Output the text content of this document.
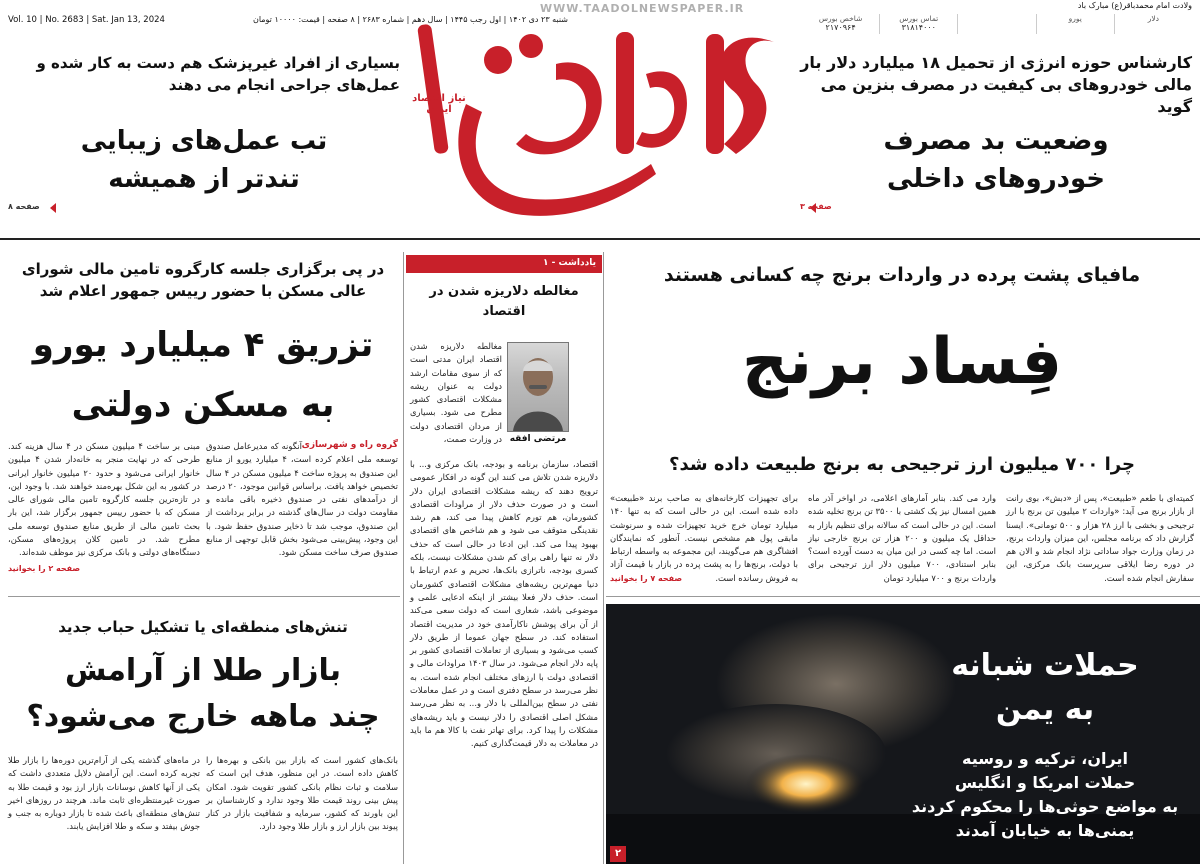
ولادت امام محمدباقر(ع) مبارک باد
WWW.TAADOLNEWSPAPER.IR
Vol. 10 | No. 2683 | Sat. Jan 13, 2024	شنبه ۲۳ دی ۱۴۰۲ | اول رجب ۱۴۴۵ | سال دهم | شماره ۲۶۸۳ | ۸ صفحه | قیمت: ۱۰۰۰۰ تومان	دلار
یورو
تماس بورس
۳۱۸۱۴۰۰۰
شاخص بورس
۲۱۷۰۹۶۴
نیاز اقتصاد ایران
کارشناس حوزه انرژی از تحمیل ۱۸ میلیارد دلار بار مالی خودروهای بی کیفیت در مصرف بنزین می گوید
وضعیت بد مصرف
خودروهای داخلی
صفحه ۳
بسیاری از افراد غیرپزشک هم دست به کار شده و عمل‌های جراحی انجام می دهند
تب عمل‌های زیبایی
تندتر از همیشه
صفحه ۸
مافیای پشت پرده در واردات برنج چه کسانی هستند
فِساد برنج
چرا ۷۰۰ میلیون ارز ترجیحی به برنج طبیعت داده شد؟
کمیته‌ای با طعم «طبیعت»، پس از «دبش»، بوی رانت از بازار برنج می آید: «واردات ۲ میلیون تن برنج با ارز ترجیحی و بخشی با ارز ۲۸ هزار و ۵۰۰ تومانی». ایسنا گزارش داد که برنامه مجلس، این میزان واردات برنج، در زمان وزارت جواد ساداتی نژاد انجام شد و الان هم در دوره رضا ایلاقی سرپرست بانک مرکزی، این سفارش انجام شده است.
وارد می کند. بنابر آمارهای اعلامی، در اواخر آذر ماه همین امسال نیز یک کشتی با ۳۵۰۰ تن برنج تخلیه شده است. این در حالی است که سالانه برای تنظیم بازار به حداقل یک میلیون و ۲۰۰ هزار تن برنج خارجی نیاز است. اما چه کسی در این میان به دست آورده است؟ بنابر استنادی، ۷۰۰ میلیون دلار ارز ترجیحی برای واردات برنج و ۷۰۰ میلیارد تومان
برای تجهیزات کارخانه‌های به صاحب برند «طبیعت» داده شده است. این در حالی است که به تنها ۱۴۰ میلیارد تومان خرج خرید تجهیزات شده و سرنوشت مابقی پول هم مشخص نیست. آنطور که نمایندگان افشاگری هم می‌گویند، این مجموعه به واسطه ارتباط با دولت، برنج‌ها را به پشت پرده در بازار با قیمت آزاد به فروش رسانده است.
صفحه ۷ را بخوانید
یادداشت - ۱
مغالطه دلاریزه شدن در اقتصاد
مغالطه دلاریزه شدن اقتصاد ایران مدتی است که از سوی مقامات ارشد دولت به عنوان ریشه مشکلات اقتصادی کشور مطرح می شود. بسیاری از مردان اقتصادی دولت در وزارت صمت، مرتضی افقه
اقتصاد، سازمان برنامه و بودجه، بانک مرکزی و... با دلاریزه شدن تلاش می کنند این گونه در افکار عمومی ترویج دهند که ریشه مشکلات اقتصادی ایران دلار است و در صورت حذف دلار از مراودات اقتصادی کشورمان، هم تورم کاهش پیدا می کند، هم رشد نقدینگی متوقف می شود و هم شاخص های اقتصادی بهبود پیدا می کند. این ادعا در حالی است که حذف دلار نه تنها راهی برای کم شدن مشکلات نیست، بلکه کسری بودجه، ناترازی بانک‌ها، تحریم و عدم ارتباط با دنیا مهم‌ترین ریشه‌های مشکلات اقتصادی کشورمان است. حذف دلار فعلا بیشتر از اینکه ادعایی علمی و موضوعی باشد، شعاری است که دولت سعی می‌کند از آن برای پوشش ناکارآمدی خود در مدیریت اقتصاد استفاده کند. در سطح جهان عموما از طریق دلار کسب می‌شود و بسیاری از تعاملات اقتصادی کشور بر پایه دلار انجام می‌شود. در سال ۱۴۰۳ مراودات مالی و اقتصادی دولت با ارزهای مختلف انجام شده است. به نظر می‌رسد در سطح دفتری است و در عمل معاملات نفتی در سطح بین‌المللی با دلار و... به نظر می‌رسد مشکل اصلی اقتصادی را دلار نیست و باید ریشه‌های مشکلات را پیدا کرد. برای تهاتر نفت با کالا هم ما باید در معاملات به دلار قیمت‌گذاری کنیم.
در پی برگزاری جلسه کارگروه تامین مالی شورای عالی مسکن با حضور رییس جمهور اعلام شد
تزریق ۴ میلیارد یورو
به مسکن دولتی
گروه راه و شهرسازی
آنگونه که مدیرعامل صندوق توسعه ملی اعلام کرده است، ۴ میلیارد یورو از منابع این صندوق به پروژه ساخت ۴ میلیون مسکن در ۴ سال تخصیص خواهد یافت. براساس قوانین موجود، ۲۰ درصد از درآمدهای نفتی در صندوق ذخیره باقی مانده و مقاومت دولت در سال‌های گذشته در برابر برداشت از این صندوق، موجب شد تا ذخایر صندوق حفظ شود. با این وجود، پیش‌بینی می‌شود بخش قابل توجهی از منابع صندوق صرف ساخت مسکن شود.
مبنی بر ساخت ۴ میلیون مسکن در ۴ سال هزینه کند. طرحی که در نهایت منجر به خانه‌دار شدن ۴ میلیون خانوار ایرانی می‌شود و حدود ۲۰ میلیون خانوار ایرانی در کشور به این شکل بهره‌مند خواهند شد. با وجود این، در تازه‌ترین جلسه کارگروه تامین مالی شورای عالی مسکن که با حضور رییس جمهور برگزار شد، این بار بحث تامین مالی از طریق منابع صندوق توسعه ملی مطرح شد. در تامین کلان پروژه‌های مسکن، دستگاه‌های دولتی و بانک مرکزی نیز موظف شده‌اند.
صفحه ۲ را بخوانید
تنش‌های منطقه‌ای یا تشکیل حباب جدید
بازار طلا از آرامش
چند ماهه خارج می‌شود؟
بانک‌های کشور است که بازار بین بانکی و بهره‌ها را کاهش داده است. در این منظور، هدف این است که سلامت و ثبات نظام بانکی کشور تقویت شود. امکان پیش بینی روند قیمت طلا وجود ندارد و کارشناسان بر این باورند که کشور، سرمایه و شفافیت بازار در کنار پیوند بین بازار ارز و بازار طلا وجود دارد.
در ماه‌های گذشته یکی از آرام‌ترین دوره‌ها را بازار طلا تجربه کرده است. این آرامش دلایل متعددی داشت که یکی از آنها کاهش نوسانات بازار ارز بود و قیمت طلا به صورت غیرمنتظره‌ای ثابت ماند. هرچند در روزهای اخیر تنش‌های منطقه‌ای باعث شده تا بازار دوباره به جنب و جوش بیفتد و سکه و طلا افزایش یابند.
حملات شبانه
به یمن
ایران، ترکیه و روسیه
حملات امریکا و انگلیس
به مواضع حوثی‌ها را محکوم کردند
یمنی‌ها به خیابان آمدند
۲
